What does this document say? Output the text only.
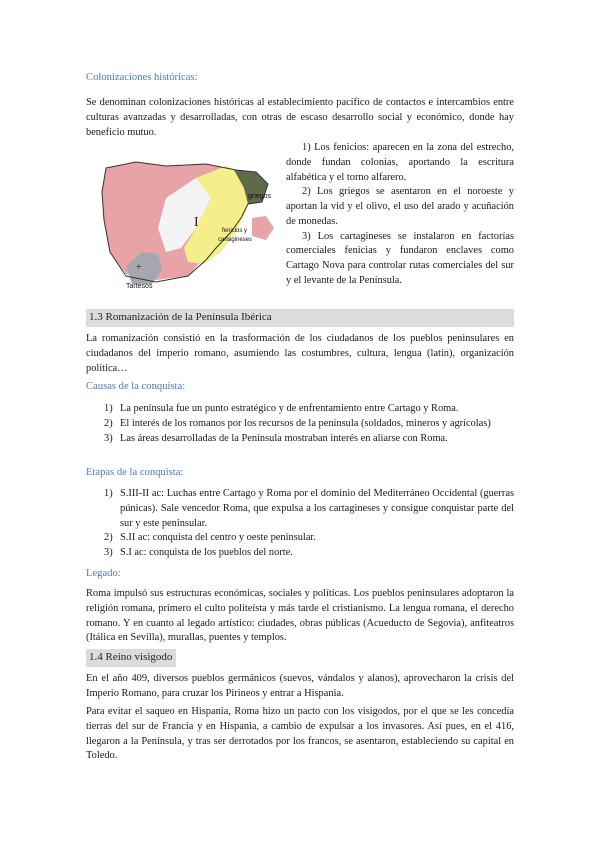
Colonizaciones históricas:

Se denominan colonizaciones históricas al establecimiento pacífico de contactos e intercambios entre culturas avanzadas y desarrolladas, con otras de escaso desarrollo social y económico, donde hay beneficio mutuo.

griegos
I
fenicios y
cartagineses
+
Tartesos

1) Los fenicios: aparecen en la zona del estrecho, donde fundan colonias, aportando la escritura alfabética y el torno alfarero.

2) Los griegos se asentaron en el noroeste y aportan la vid y el olivo, el uso del arado y acuñación de monedas.

3) Los cartagineses se instalaron en factorías comerciales fenicias y fundaron enclaves como Cartago Nova para controlar rutas comerciales del sur y el levante de la Península.

1.3 Romanización de la Península Ibérica

La romanización consistió en la trasformación de los ciudadanos de los pueblos peninsulares en ciudadanos del imperio romano, asumiendo las costumbres, cultura, lengua (latín), organización política…

Causas de la conquista:
1) La península fue un punto estratégico y de enfrentamiento entre Cartago y Roma.
2) El interés de los romanos por los recursos de la península (soldados, mineros y agrícolas)
3) Las áreas desarrolladas de la Península mostraban interés en aliarse con Roma.
Etapas de la conquista:
1) S.III-II ac: Luchas entre Cartago y Roma por el dominio del Mediterráneo Occidental (guerras púnicas). Sale vencedor Roma, que expulsa a los cartagineses y consigue conquistar parte del sur y este peninsular.
2) S.II ac: conquista del centro y oeste peninsular.
3) S.I ac: conquista de los pueblos del norte.
Legado:

Roma impulsó sus estructuras económicas, sociales y políticas. Los pueblos peninsulares adoptaron la religión romana, primero el culto politeísta y más tarde el cristianismo. La lengua romana, el derecho romano. Y en cuanto al legado artístico: ciudades, obras públicas (Acueducto de Segovia), anfiteatros (Itálica en Sevilla), murallas, puentes y templos.

1.4 Reino visigodo

En el año 409, diversos pueblos germánicos (suevos, vándalos y alanos), aprovecharon la crisis del Imperio Romano, para cruzar los Pirineos y entrar a Hispania.

Para evitar el saqueo en Hispania, Roma hizo un pacto con los visigodos, por el que se les concedía tierras del sur de Francia y en Hispania, a cambio de expulsar a los invasores. Así pues, en el 416, llegaron a la Península, y tras ser derrotados por los francos, se asentaron, estableciendo su capital en Toledo.
